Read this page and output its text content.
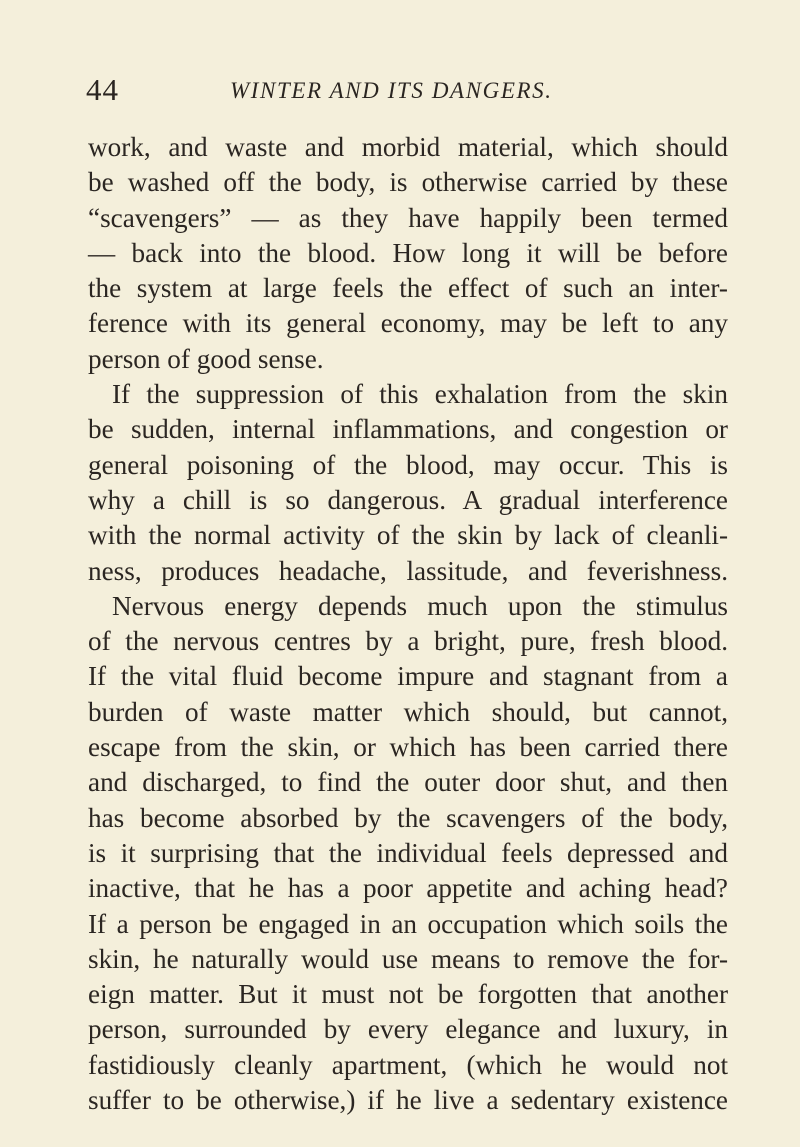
44	WINTER AND ITS DANGERS.
work, and waste and morbid material, which should
be washed off the body, is otherwise carried by these
“scavengers” — as they have happily been termed
— back into the blood. How long it will be before
the system at large feels the effect of such an inter-
ference with its general economy, may be left to any
person of good sense.
If the suppression of this exhalation from the skin
be sudden, internal inflammations, and congestion or
general poisoning of the blood, may occur. This is
why a chill is so dangerous. A gradual interference
with the normal activity of the skin by lack of cleanli-
ness, produces headache, lassitude, and feverishness.
Nervous energy depends much upon the stimulus
of the nervous centres by a bright, pure, fresh blood.
If the vital fluid become impure and stagnant from a
burden of waste matter which should, but cannot,
escape from the skin, or which has been carried there
and discharged, to find the outer door shut, and then
has become absorbed by the scavengers of the body,
is it surprising that the individual feels depressed and
inactive, that he has a poor appetite and aching head?
If a person be engaged in an occupation which soils the
skin, he naturally would use means to remove the for-
eign matter. But it must not be forgotten that another
person, surrounded by every elegance and luxury, in
fastidiously cleanly apartment, (which he would not
suffer to be otherwise,) if he live a sedentary existence
